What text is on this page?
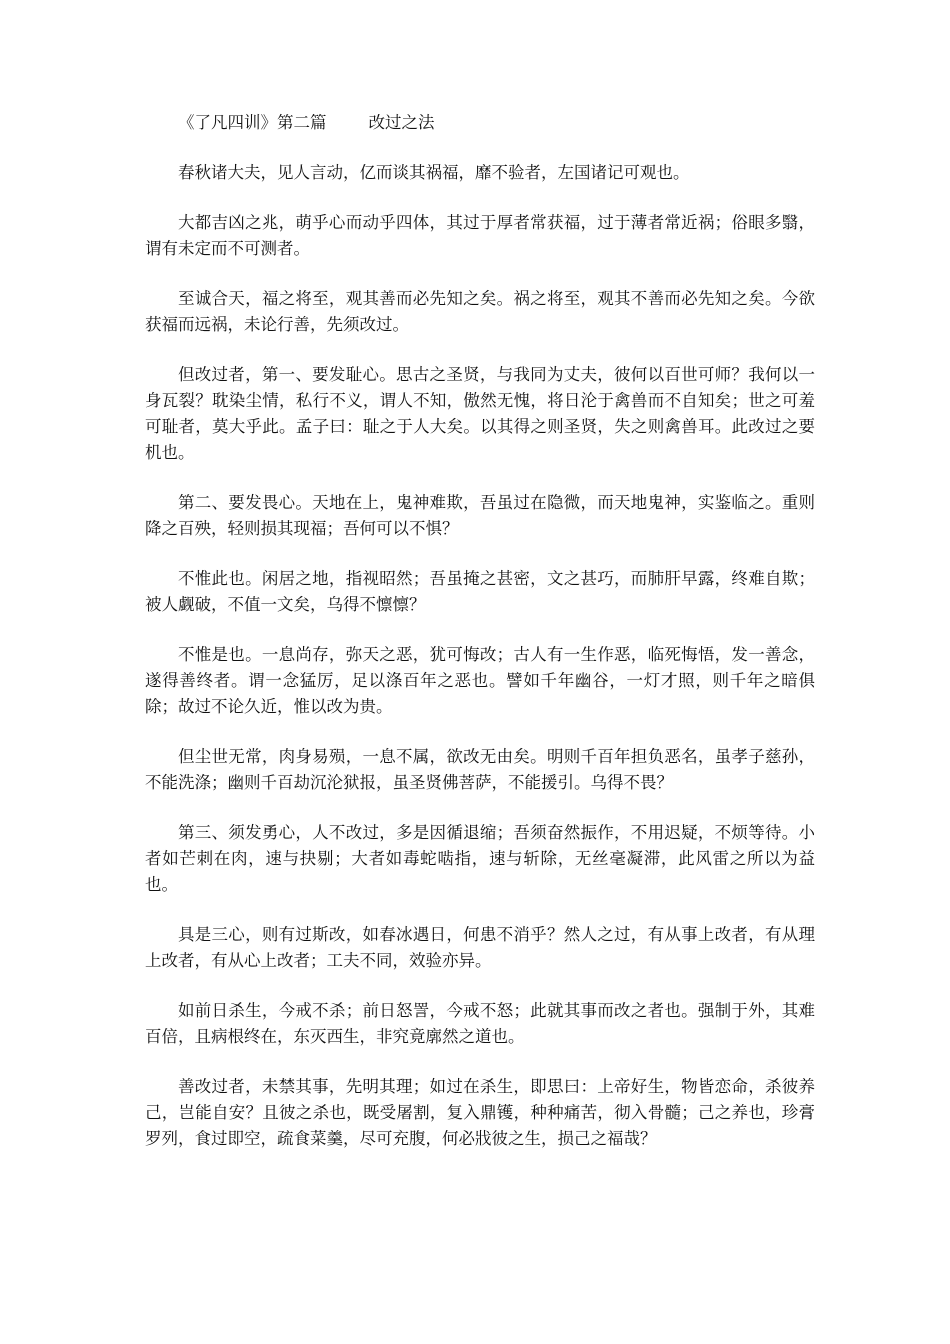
《了凡四训》第二篇        改过之法

春秋诸大夫，见人言动，亿而谈其祸福，靡不验者，左国诸记可观也。

大都吉凶之兆，萌乎心而动乎四体，其过于厚者常获福，过于薄者常近祸；俗眼多翳，谓有未定而不可测者。

至诚合天，福之将至，观其善而必先知之矣。祸之将至，观其不善而必先知之矣。今欲获福而远祸，未论行善，先须改过。

但改过者，第一、要发耻心。思古之圣贤，与我同为丈夫，彼何以百世可师？我何以一身瓦裂？耽染尘情，私行不义，谓人不知，傲然无愧，将日沦于禽兽而不自知矣；世之可羞可耻者，莫大乎此。孟子曰：耻之于人大矣。以其得之则圣贤，失之则禽兽耳。此改过之要机也。

第二、要发畏心。天地在上，鬼神难欺，吾虽过在隐微，而天地鬼神，实鉴临之。重则降之百殃，轻则损其现福；吾何可以不惧？

不惟此也。闲居之地，指视昭然；吾虽掩之甚密，文之甚巧，而肺肝早露，终难自欺；被人觑破，不值一文矣，乌得不懔懔？

不惟是也。一息尚存，弥天之恶，犹可悔改；古人有一生作恶，临死悔悟，发一善念，遂得善终者。谓一念猛厉，足以涤百年之恶也。譬如千年幽谷，一灯才照，则千年之暗俱除；故过不论久近，惟以改为贵。

但尘世无常，肉身易殒，一息不属，欲改无由矣。明则千百年担负恶名，虽孝子慈孙，不能洗涤；幽则千百劫沉沦狱报，虽圣贤佛菩萨，不能援引。乌得不畏？

第三、须发勇心，人不改过，多是因循退缩；吾须奋然振作，不用迟疑，不烦等待。小者如芒刺在肉，速与抉剔；大者如毒蛇啮指，速与斩除，无丝毫凝滞，此风雷之所以为益也。

具是三心，则有过斯改，如春冰遇日，何患不消乎？然人之过，有从事上改者，有从理上改者，有从心上改者；工夫不同，效验亦异。

如前日杀生，今戒不杀；前日怒詈，今戒不怒；此就其事而改之者也。强制于外，其难百倍，且病根终在，东灭西生，非究竟廓然之道也。

善改过者，未禁其事，先明其理；如过在杀生，即思曰：上帝好生，物皆恋命，杀彼养己，岂能自安？且彼之杀也，既受屠割，复入鼎镬，种种痛苦，彻入骨髓；己之养也，珍膏罗列，食过即空，疏食菜羹，尽可充腹，何必戕彼之生，损己之福哉？
